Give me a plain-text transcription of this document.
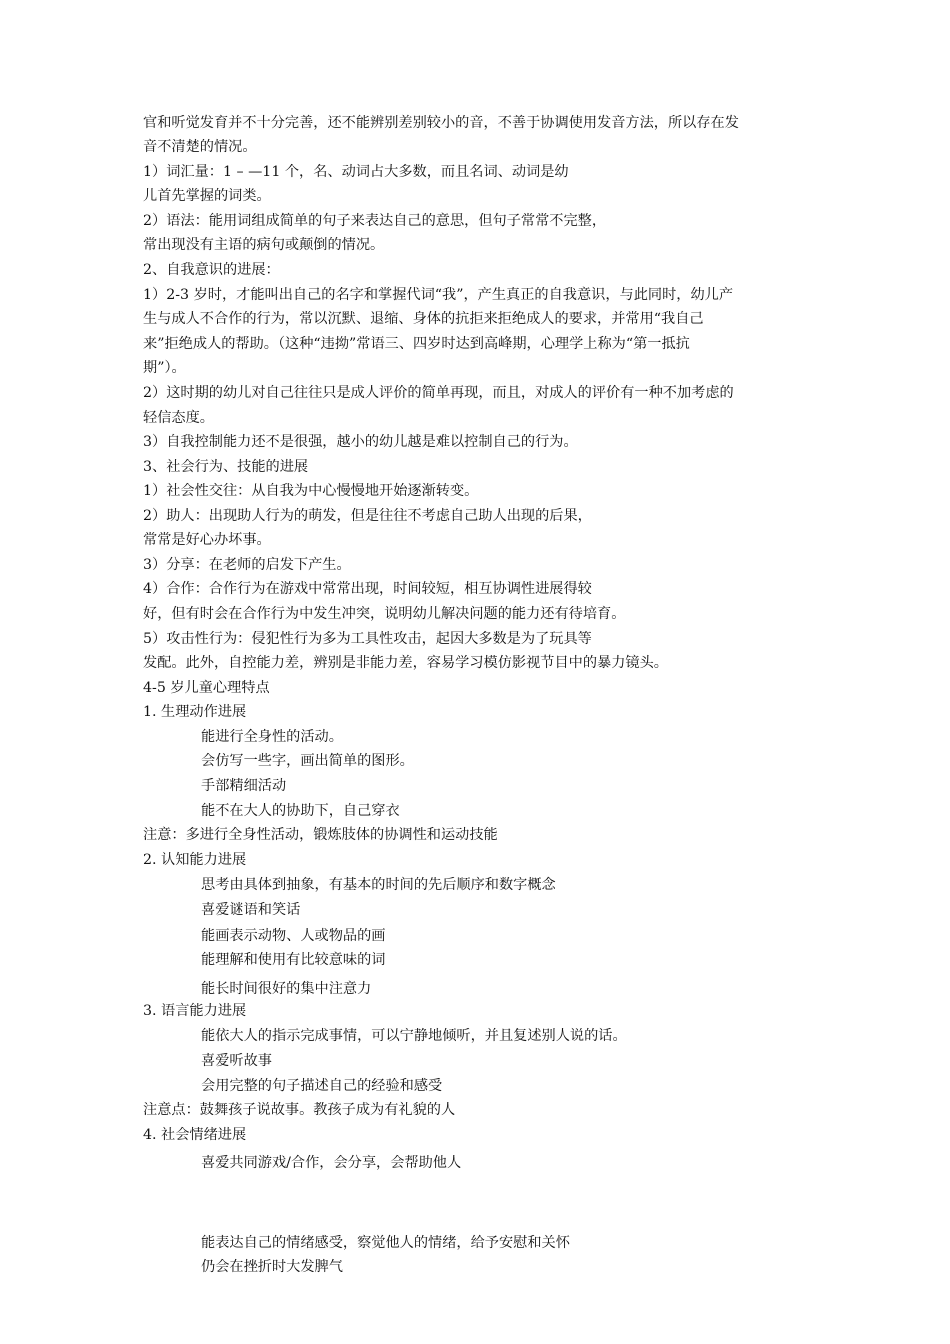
官和听觉发育并不十分完善，还不能辨别差别较小的音，不善于协调使用发音方法，所以存在发
音不清楚的情况。
1）词汇量：1 – —11 个，名、动词占大多数，而且名词、动词是幼
儿首先掌握的词类。
2）语法：能用词组成简单的句子来表达自己的意思，但句子常常不完整，
常出现没有主语的病句或颠倒的情况。
2、自我意识的进展：
1）2-3 岁时，才能叫出自己的名字和掌握代词“我”，产生真正的自我意识，与此同时，幼儿产
生与成人不合作的行为，常以沉默、退缩、身体的抗拒来拒绝成人的要求，并常用“我自己
来”拒绝成人的帮助。（这种“违拗”常语三、四岁时达到高峰期，心理学上称为“第一抵抗
期”）。
2）这时期的幼儿对自己往往只是成人评价的简单再现，而且，对成人的评价有一种不加考虑的
轻信态度。
3）自我控制能力还不是很强，越小的幼儿越是难以控制自己的行为。
3、社会行为、技能的进展
1）社会性交往：从自我为中心慢慢地开始逐渐转变。
2）助人：出现助人行为的萌发，但是往往不考虑自己助人出现的后果，
常常是好心办坏事。
3）分享：在老师的启发下产生。
4）合作：合作行为在游戏中常常出现，时间较短，相互协调性进展得较
好，但有时会在合作行为中发生冲突，说明幼儿解决问题的能力还有待培育。
5）攻击性行为：侵犯性行为多为工具性攻击，起因大多数是为了玩具等
发配。此外，自控能力差，辨别是非能力差，容易学习模仿影视节目中的暴力镜头。
4-5 岁儿童心理特点
1. 生理动作进展
能进行全身性的活动。
会仿写一些字，画出简单的图形。
手部精细活动
能不在大人的协助下，自己穿衣
注意：多进行全身性活动，锻炼肢体的协调性和运动技能
2. 认知能力进展
思考由具体到抽象，有基本的时间的先后顺序和数字概念
喜爱谜语和笑话
能画表示动物、人或物品的画
能理解和使用有比较意味的词
能长时间很好的集中注意力
3. 语言能力进展
能依大人的指示完成事情，可以宁静地倾听，并且复述别人说的话。
喜爱听故事
会用完整的句子描述自己的经验和感受
注意点：鼓舞孩子说故事。教孩子成为有礼貌的人
4. 社会情绪进展
喜爱共同游戏/合作，会分享，会帮助他人
能表达自己的情绪感受，察觉他人的情绪，给予安慰和关怀
仍会在挫折时大发脾气
